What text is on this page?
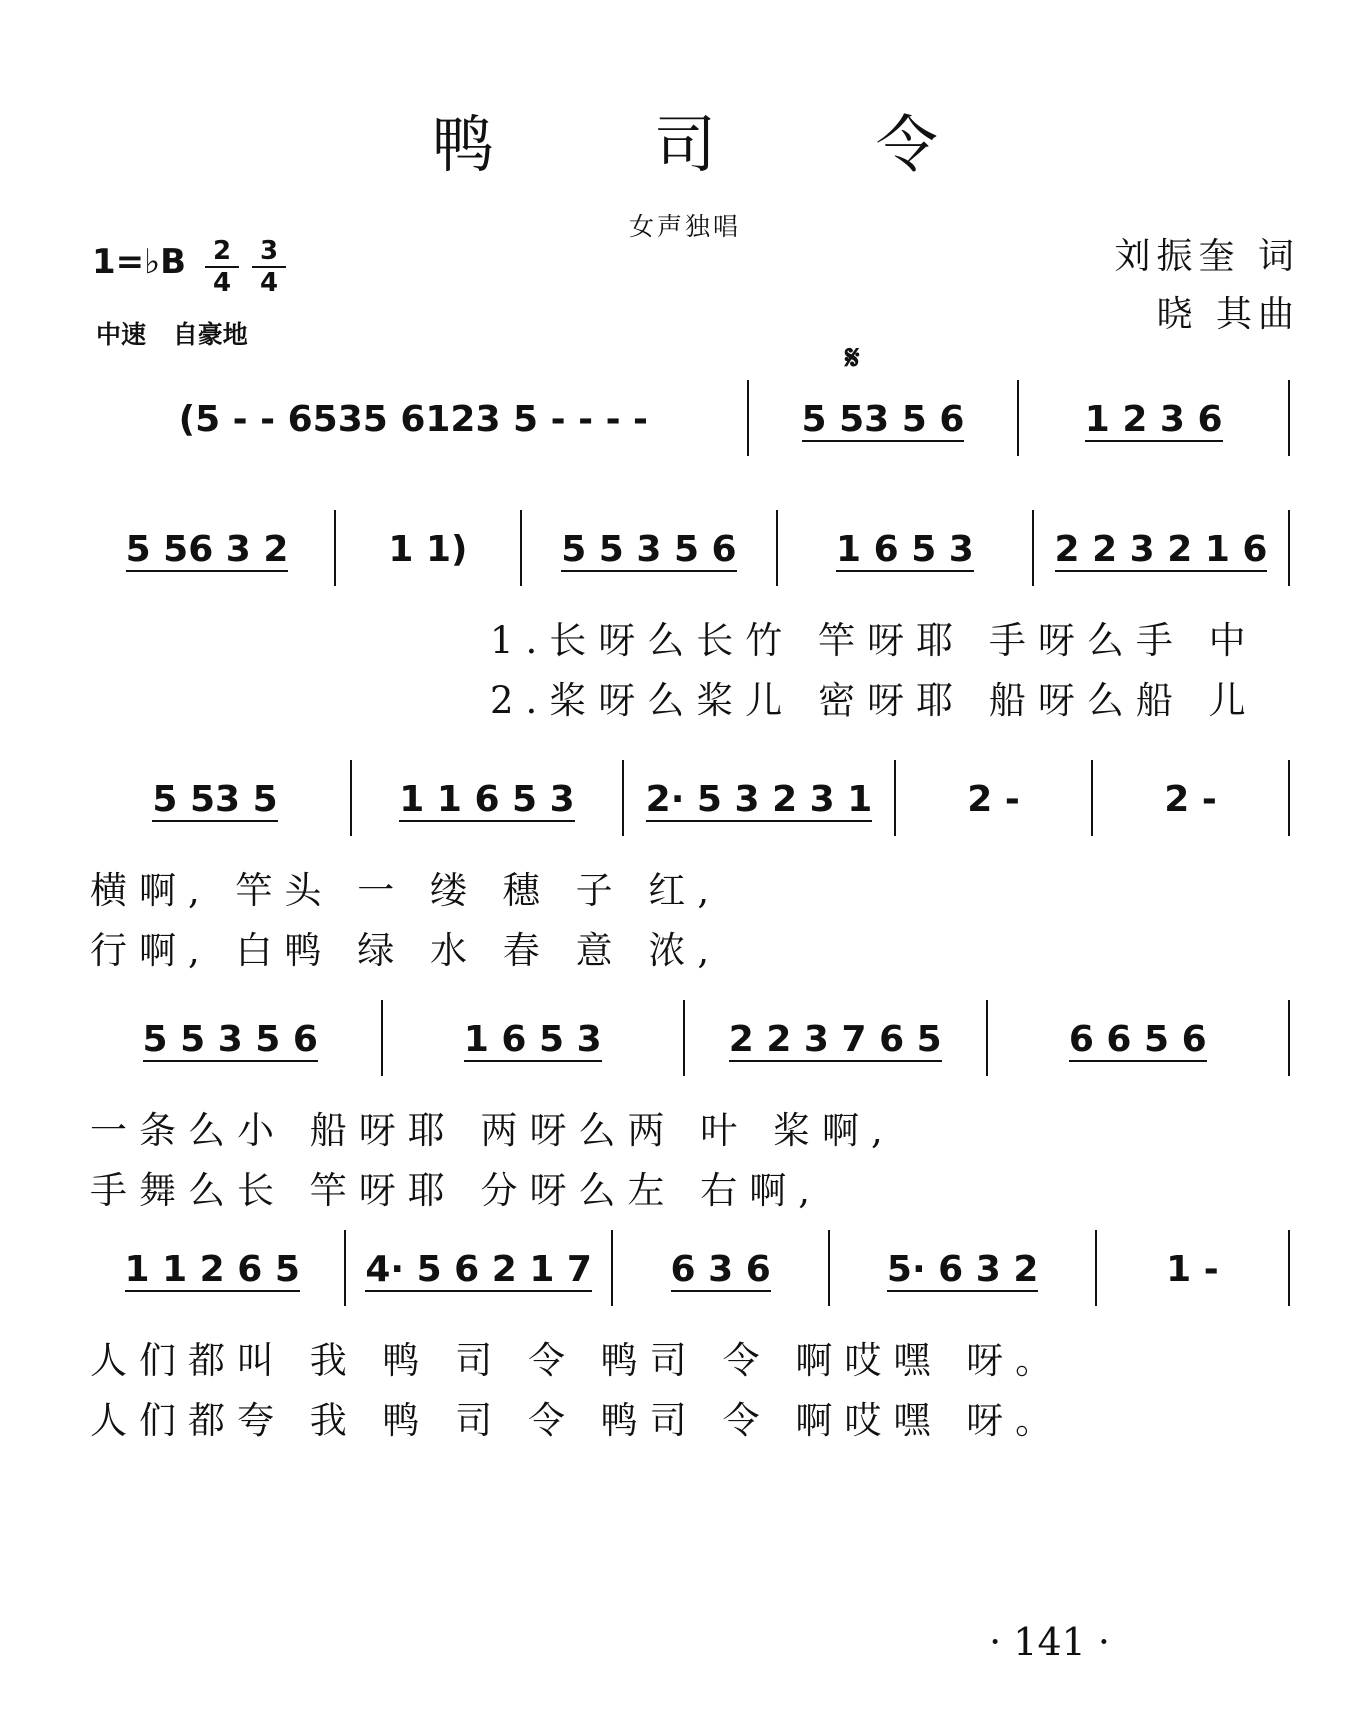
鸭 司 令
女声独唱
刘振奎 词
晓 其曲
1=♭B	2
4
3
4
中速 自豪地
𝄋
(5 - - 6535 6123 5 - - - -	5 53 5 6	1 2 3 6
5 56 3 2	1 1)	5 5 3 5 6	1 6 5 3 2 2 3 2 1 6
1.长呀么长竹 竿呀耶 手呀么手 中
2.桨呀么桨儿 密呀耶 船呀么船 儿
5 53 5	1 1 6 5 3 2· 5 3 2 3 1	2 -	2 -
横啊, 竿头 一 缕 穗 子 红,
行啊, 白鸭 绿 水 春 意 浓,
5 5 3 5 6	1 6 5 3	2 2 3 7 6 5	6 6 5 6
一条么小 船呀耶 两呀么两 叶 桨啊,
手舞么长 竿呀耶 分呀么左 右啊,
1 1 2 6 5 4· 5 6 2 1 7 6 3 6	5· 6 3 2	1 -
人们都叫 我 鸭 司 令 鸭司 令 啊哎嘿 呀。
人们都夸 我 鸭 司 令 鸭司 令 啊哎嘿 呀。
· 141 ·
